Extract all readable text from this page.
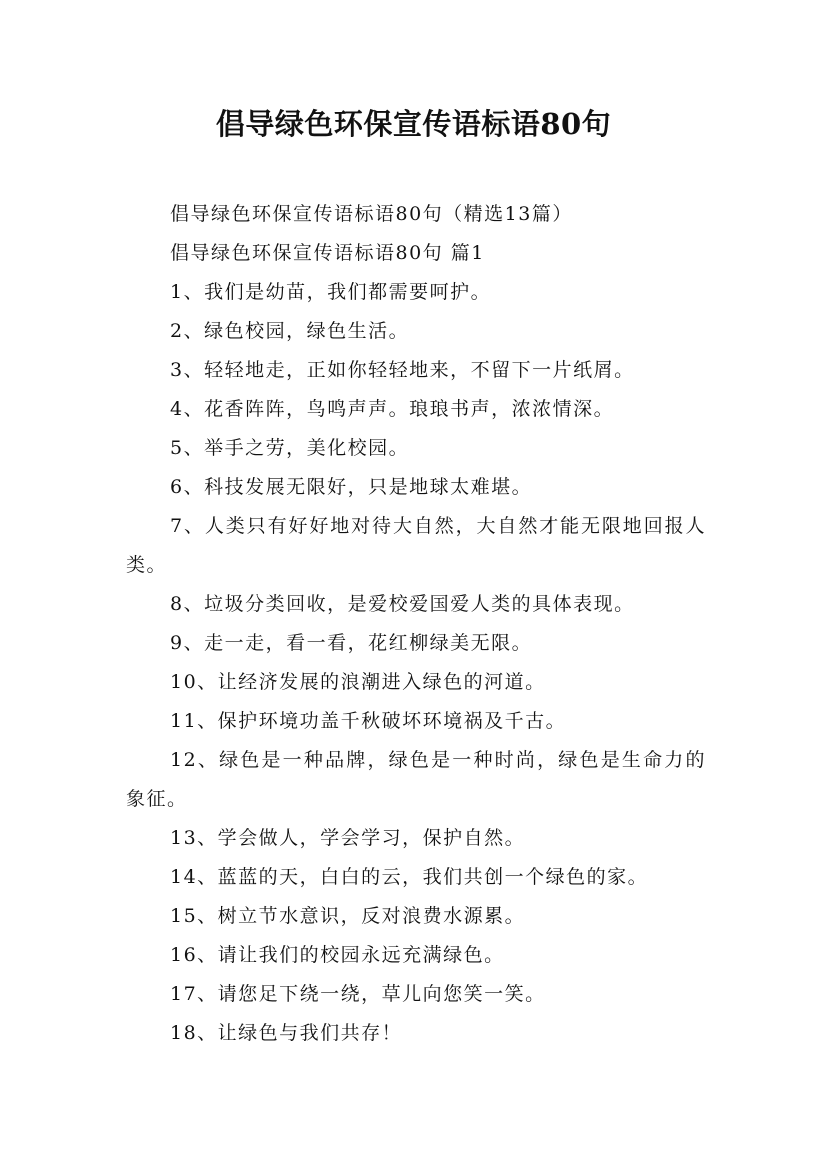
倡导绿色环保宣传语标语80句

倡导绿色环保宣传语标语80句（精选13篇）

倡导绿色环保宣传语标语80句 篇1

1、我们是幼苗，我们都需要呵护。

2、绿色校园，绿色生活。

3、轻轻地走，正如你轻轻地来，不留下一片纸屑。

4、花香阵阵，鸟鸣声声。琅琅书声，浓浓情深。

5、举手之劳，美化校园。

6、科技发展无限好，只是地球太难堪。

7、人类只有好好地对待大自然，大自然才能无限地回报人类。

8、垃圾分类回收，是爱校爱国爱人类的具体表现。

9、走一走，看一看，花红柳绿美无限。

10、让经济发展的浪潮进入绿色的河道。

11、保护环境功盖千秋破坏环境祸及千古。

12、绿色是一种品牌，绿色是一种时尚，绿色是生命力的象征。

13、学会做人，学会学习，保护自然。

14、蓝蓝的天，白白的云，我们共创一个绿色的家。

15、树立节水意识，反对浪费水源累。

16、请让我们的校园永远充满绿色。

17、请您足下绕一绕，草儿向您笑一笑。

18、让绿色与我们共存！
